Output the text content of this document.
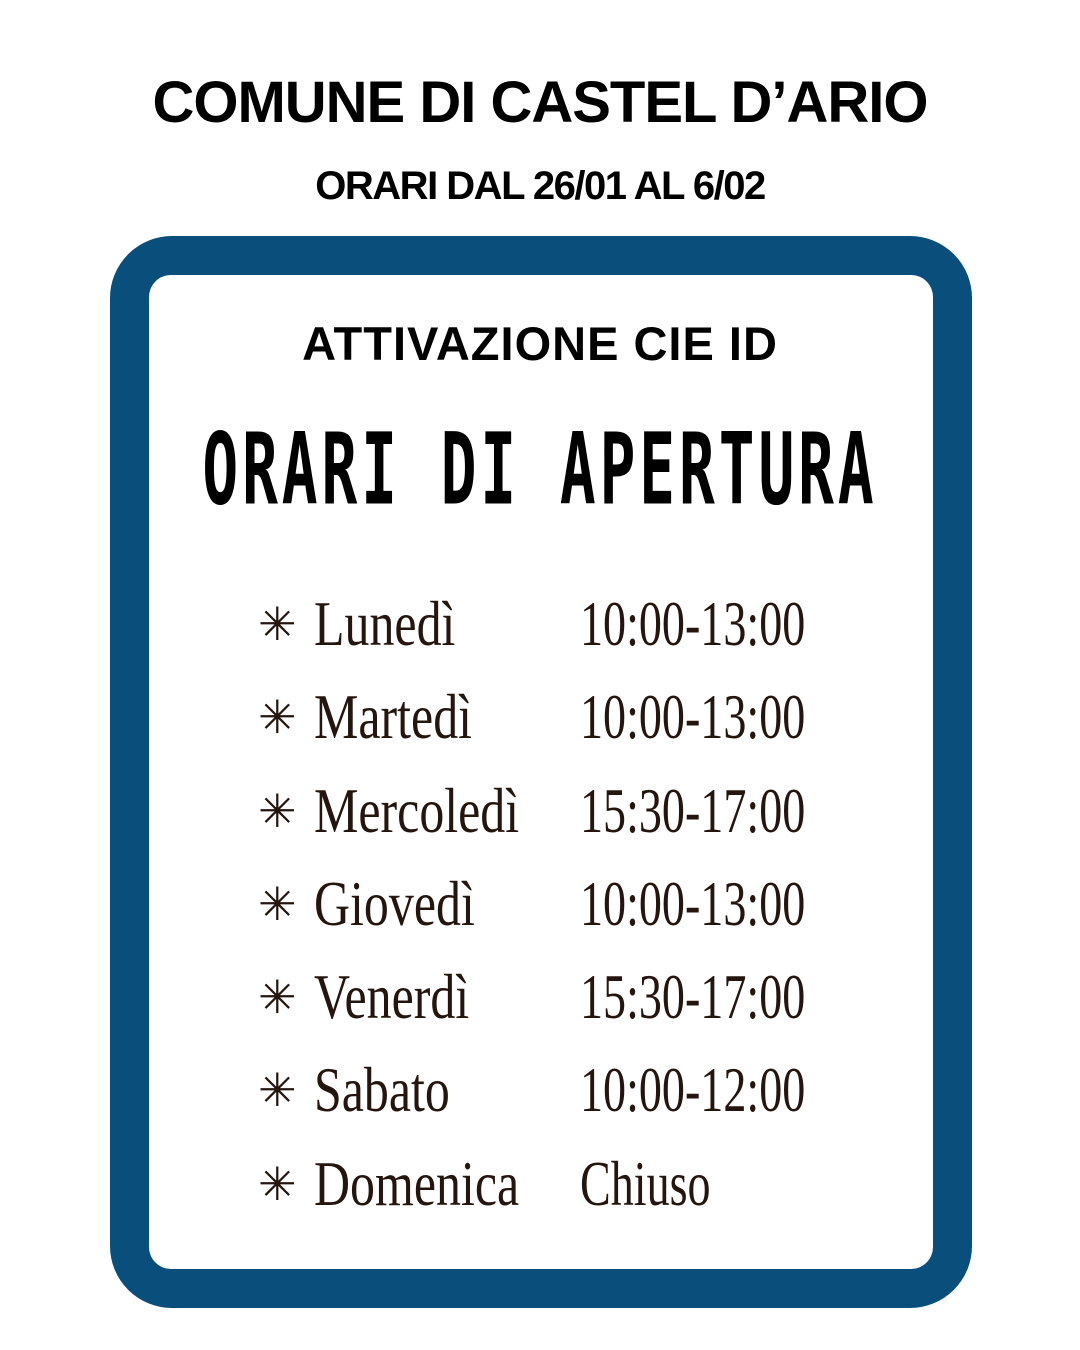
COMUNE DI CASTEL D’ARIO
ORARI DAL 26/01 AL 6/02
ATTIVAZIONE CIE ID
ORARI DI APERTURA
✳ Lunedì 10:00-13:00
✳ Martedì 10:00-13:00
✳ Mercoledì 15:30-17:00
✳ Giovedì 10:00-13:00
✳ Venerdì 15:30-17:00
✳ Sabato 10:00-12:00
✳ Domenica Chiuso
